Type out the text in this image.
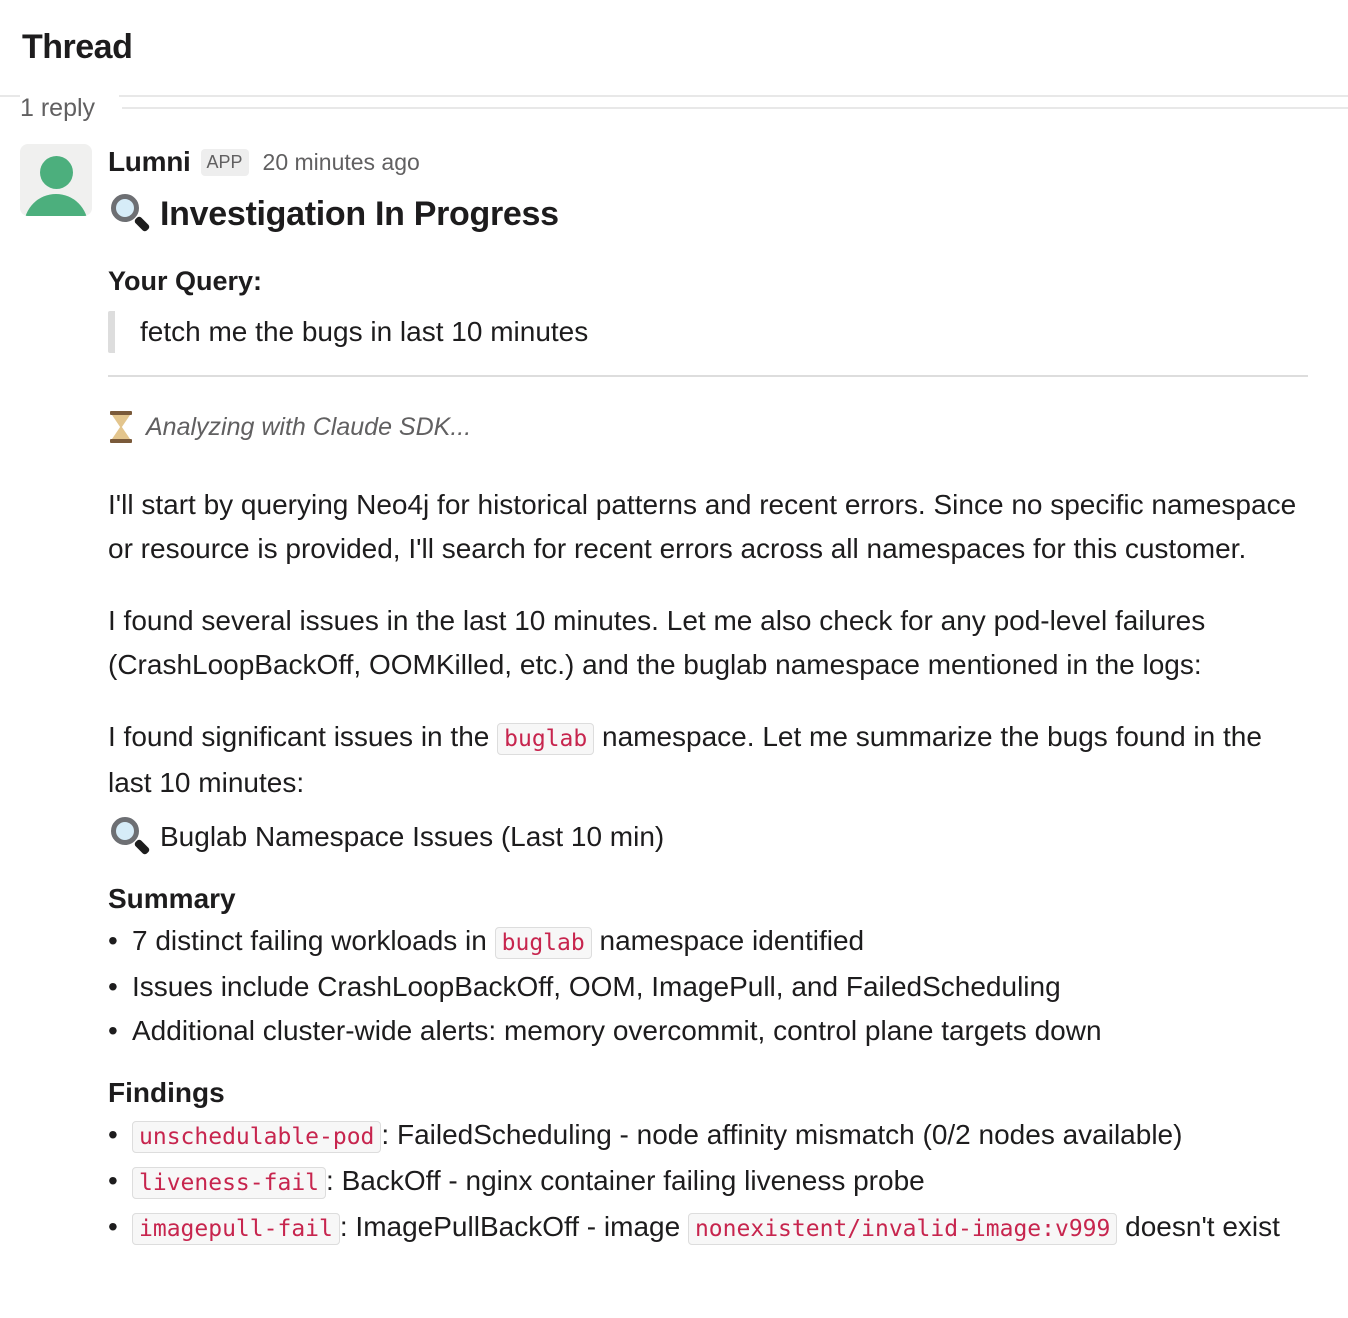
Thread
1 reply
Lumni APP 20 minutes ago
Investigation In Progress
Your Query:
fetch me the bugs in last 10 minutes
Analyzing with Claude SDK...
I'll start by querying Neo4j for historical patterns and recent errors. Since no specific namespace or resource is provided, I'll search for recent errors across all namespaces for this customer.
I found several issues in the last 10 minutes. Let me also check for any pod-level failures (CrashLoopBackOff, OOMKilled, etc.) and the buglab namespace mentioned in the logs:
I found significant issues in the buglab namespace. Let me summarize the bugs found in the last 10 minutes:
Buglab Namespace Issues (Last 10 min)
Summary
• 7 distinct failing workloads in buglab namespace identified
• Issues include CrashLoopBackOff, OOM, ImagePull, and FailedScheduling
• Additional cluster-wide alerts: memory overcommit, control plane targets down
Findings
• unschedulable-pod : FailedScheduling - node affinity mismatch (0/2 nodes available)
• liveness-fail : BackOff - nginx container failing liveness probe
• imagepull-fail : ImagePullBackOff - image nonexistent/invalid-image:v999 doesn't exist
